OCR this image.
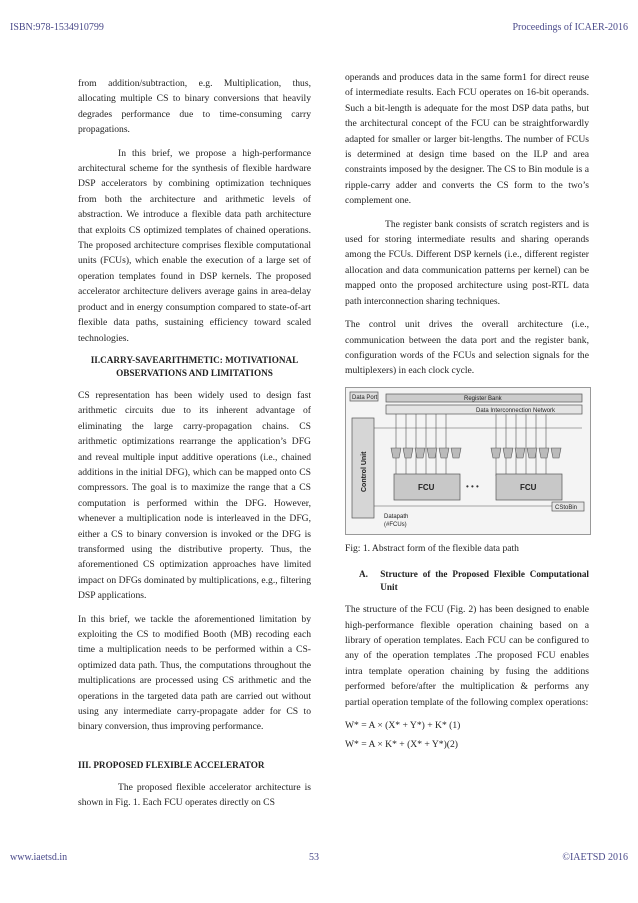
ISBN:978-1534910799	Proceedings of ICAER-2016

from addition/subtraction, e.g. Multiplication, thus, allocating multiple CS to binary conversions that heavily degrades performance due to time-consuming carry propagations.

In this brief, we propose a high-performance architectural scheme for the synthesis of flexible hardware DSP accelerators by combining optimization techniques from both the architecture and arithmetic levels of abstraction. We introduce a flexible data path architecture that exploits CS optimized templates of chained operations. The proposed architecture comprises flexible computational units (FCUs), which enable the execution of a large set of operation templates found in DSP kernels. The proposed accelerator architecture delivers average gains in area-delay product and in energy consumption compared to state-of-art flexible data paths, sustaining efficiency toward scaled technologies.

II.CARRY-SAVEARITHMETIC: MOTIVATIONAL OBSERVATIONS AND LIMITATIONS

CS representation has been widely used to design fast arithmetic circuits due to its inherent advantage of eliminating the large carry-propagation chains. CS arithmetic optimizations rearrange the application’s DFG and reveal multiple input additive operations (i.e., chained additions in the initial DFG), which can be mapped onto CS compressors. The goal is to maximize the range that a CS computation is performed within the DFG. However, whenever a multiplication node is interleaved in the DFG, either a CS to binary conversion is invoked or the DFG is transformed using the distributive property. Thus, the aforementioned CS optimization approaches have limited impact on DFGs dominated by multiplications, e.g., filtering DSP applications.

In this brief, we tackle the aforementioned limitation by exploiting the CS to modified Booth (MB) recoding each time a multiplication needs to be performed within a CS-optimized data path. Thus, the computations throughout the multiplications are processed using CS arithmetic and the operations in the targeted data path are carried out without using any intermediate carry-propagate adder for CS to binary conversion, thus improving performance.

III. PROPOSED FLEXIBLE ACCELERATOR

The proposed flexible accelerator architecture is shown in Fig. 1. Each FCU operates directly on CS

operands and produces data in the same form1 for direct reuse of intermediate results. Each FCU operates on 16-bit operands. Such a bit-length is adequate for the most DSP data paths, but the architectural concept of the FCU can be straightforwardly adapted for smaller or larger bit-lengths. The number of FCUs is determined at design time based on the ILP and area constraints imposed by the designer. The CS to Bin module is a ripple-carry adder and converts the CS form to the two’s complement one.

The register bank consists of scratch registers and is used for storing intermediate results and sharing operands among the FCUs. Different DSP kernels (i.e., different register allocation and data communication patterns per kernel) can be mapped onto the proposed architecture using post-RTL data path interconnection sharing techniques.

The control unit drives the overall architecture (i.e., communication between the data port and the register bank, configuration words of the FCUs and selection signals for the multiplexers) in each clock cycle.

Data Port	Register Bank
Data Interconnection Network
Control Unit	FCU	• • •	FCU
CStoBin
Datapath
(#FCUs)

Fig: 1. Abstract form of the flexible data path

A.	Structure of the Proposed Flexible Computational Unit

The structure of the FCU (Fig. 2) has been designed to enable high-performance flexible operation chaining based on a library of operation templates. Each FCU can be configured to any of the operation templates .The proposed FCU enables intra template operation chaining by fusing the additions performed before/after the multiplication & performs any partial operation template of the following complex operations:

W* = A × (X* + Y*) + K* (1)

W* = A × K* + (X* + Y*)(2)

www.iaetsd.in	53	©IAETSD 2016
